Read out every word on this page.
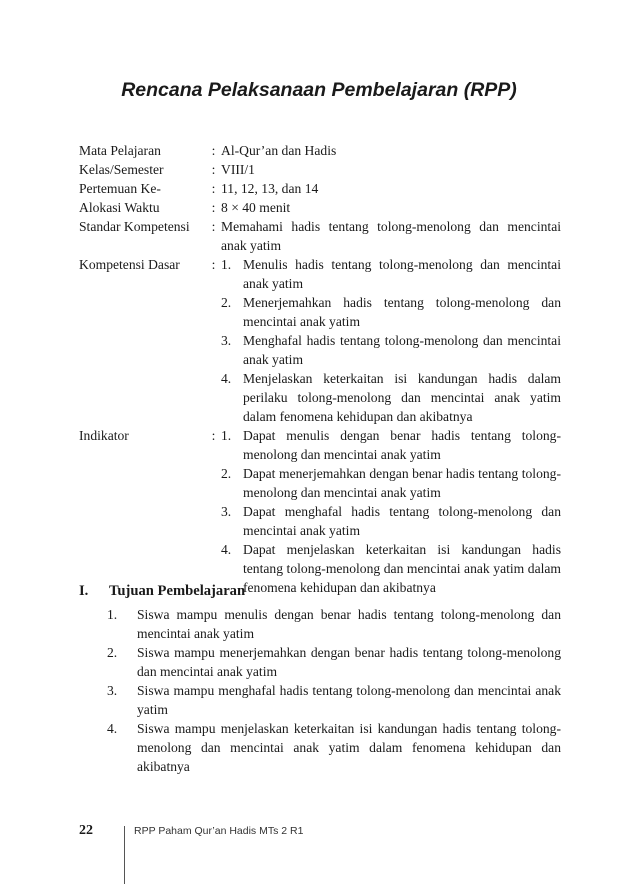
Rencana Pelaksanaan Pembelajaran (RPP)
Mata Pelajaran	: Al-Qur’an dan Hadis
Kelas/Semester	: VIII/1
Pertemuan Ke-	: 11, 12, 13, dan 14
Alokasi Waktu	: 8 × 40 menit
Standar Kompetensi	: Memahami hadis tentang tolong-menolong dan mencintai anak yatim
Kompetensi Dasar	: 1. Menulis hadis tentang tolong-menolong dan mencintai anak yatim
2. Menerjemahkan hadis tentang tolong-menolong dan mencintai anak yatim
3. Menghafal hadis tentang tolong-menolong dan mencintai anak yatim
4. Menjelaskan keterkaitan isi kandungan hadis dalam perilaku tolong-menolong dan mencintai anak yatim dalam fenomena kehidupan dan akibatnya
Indikator	: 1. Dapat menulis dengan benar hadis tentang tolong-menolong dan mencintai anak yatim
2. Dapat menerjemahkan dengan benar hadis tentang tolong-menolong dan mencintai anak yatim
3. Dapat menghafal hadis tentang tolong-menolong dan mencintai anak yatim
4. Dapat menjelaskan keterkaitan isi kandungan hadis tentang tolong-menolong dan mencintai anak yatim dalam fenomena kehidupan dan akibatnya
I.	Tujuan Pembelajaran
1.	Siswa mampu menulis dengan benar hadis tentang tolong-menolong dan mencintai anak yatim
2.	Siswa mampu menerjemahkan dengan benar hadis tentang tolong-menolong dan mencintai anak yatim
3.	Siswa mampu menghafal hadis tentang tolong-menolong dan mencintai anak yatim
4.	Siswa mampu menjelaskan keterkaitan isi kandungan hadis tentang tolong-menolong dan mencintai anak yatim dalam fenomena kehidupan dan akibatnya
22	RPP Paham Qur’an Hadis MTs 2 R1
